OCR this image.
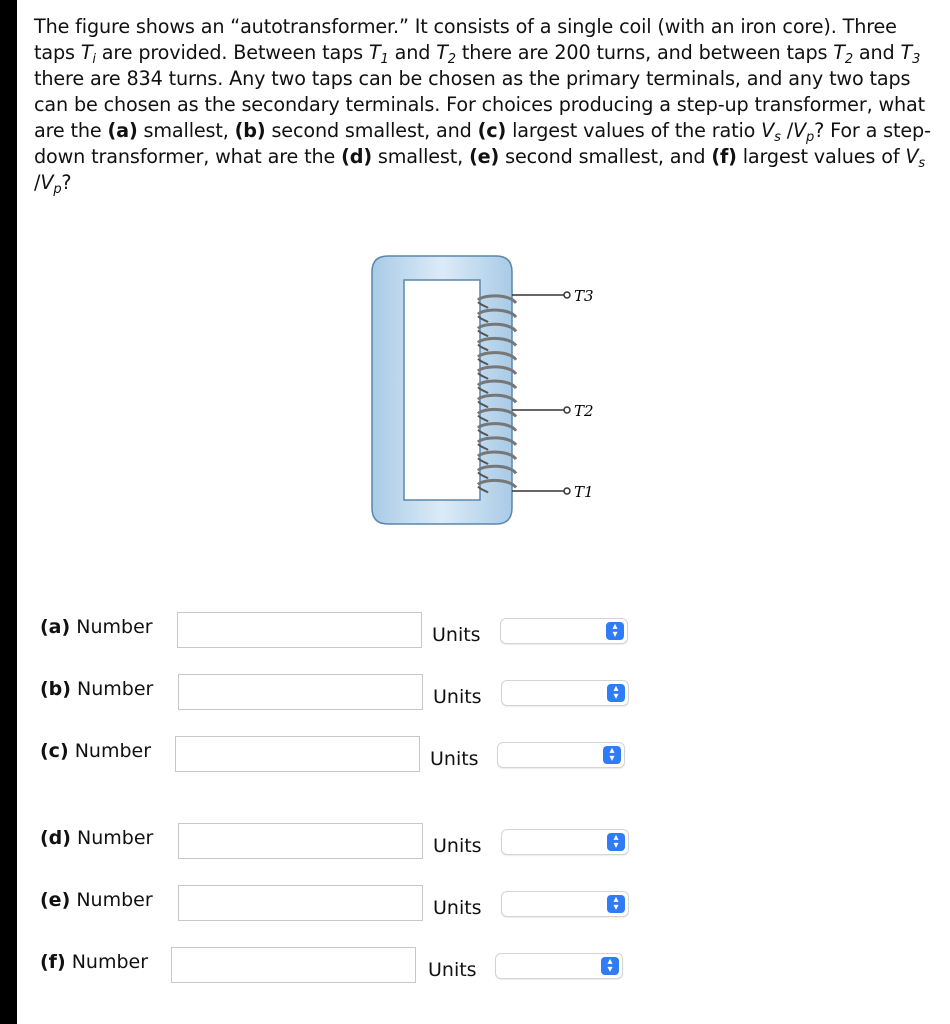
The figure shows an “autotransformer.” It consists of a single coil (with an iron core). Three taps $T_i$ are provided. Between taps $T_1$ and $T_2$ there are 200 turns, and between taps $T_2$ and $T_3$ there are 834 turns. Any two taps can be chosen as the primary terminals, and any two taps can be chosen as the secondary terminals. For choices producing a step-up transformer, what are the (a) smallest, (b) second smallest, and (c) largest values of the ratio $V_s$ $/V_p$? For a step-down transformer, what are the (d) smallest, (e) second smallest, and (f) largest values of $V_s$ $/V_p$?
T3
T2
T1
(a) Number	Units	▴
▾
(b) Number	Units	▴
▾
(c) Number	Units	▴
▾
(d) Number	Units	▴
▾
(e) Number	Units	▴
▾
(f) Number	Units	▴
▾
